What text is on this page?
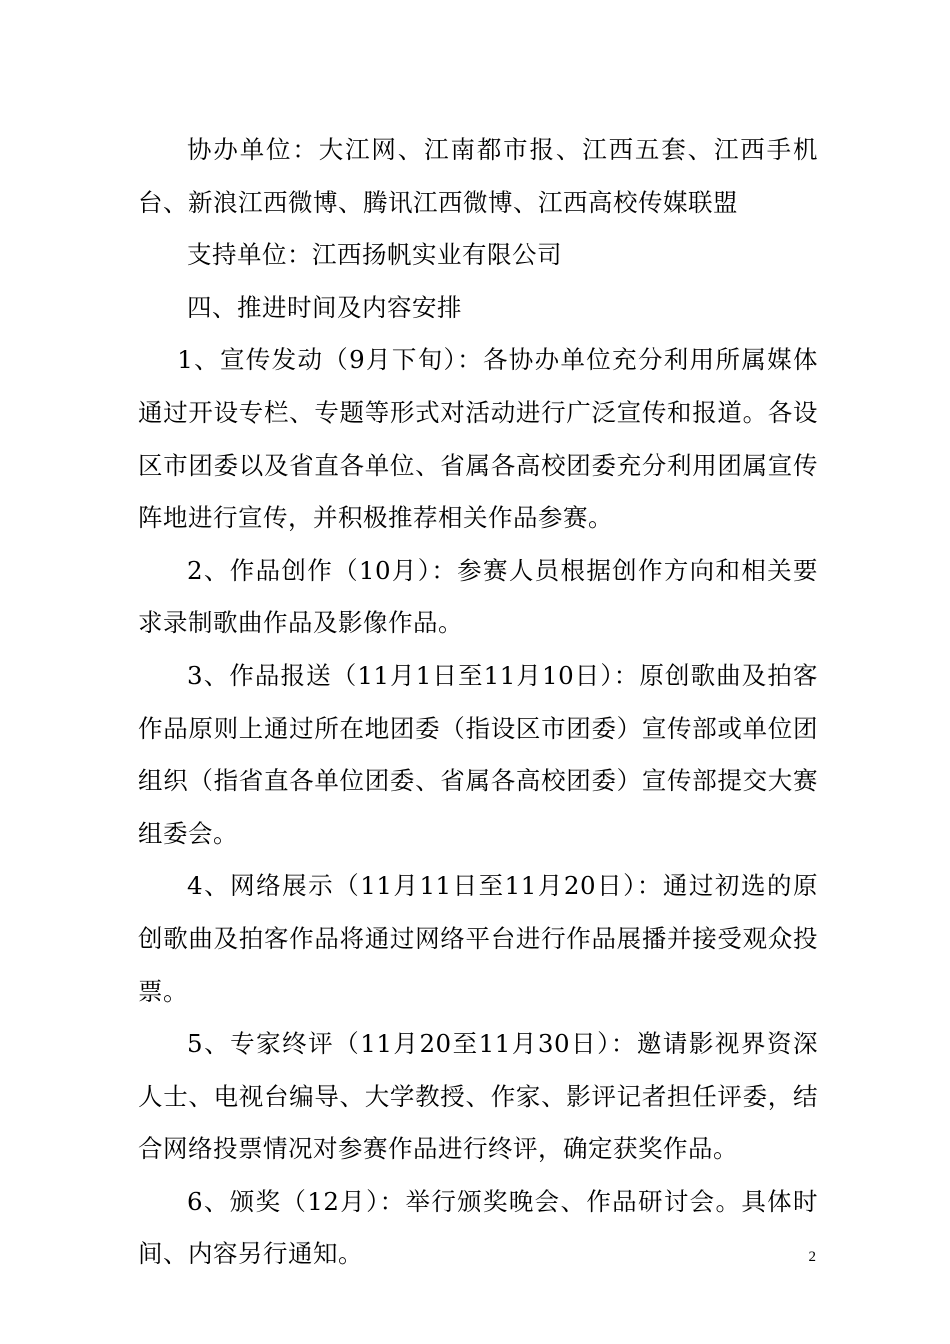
协办单位：大江网、江南都市报、江西五套、江西手机台、新浪江西微博、腾讯江西微博、江西高校传媒联盟

支持单位：江西扬帆实业有限公司

四、推进时间及内容安排

1、宣传发动（9月下旬）：各协办单位充分利用所属媒体通过开设专栏、专题等形式对活动进行广泛宣传和报道。各设区市团委以及省直各单位、省属各高校团委充分利用团属宣传阵地进行宣传，并积极推荐相关作品参赛。

2、作品创作（10月）：参赛人员根据创作方向和相关要求录制歌曲作品及影像作品。

3、作品报送（11月1日至11月10日）：原创歌曲及拍客作品原则上通过所在地团委（指设区市团委）宣传部或单位团组织（指省直各单位团委、省属各高校团委）宣传部提交大赛组委会。

4、网络展示（11月11日至11月20日）：通过初选的原创歌曲及拍客作品将通过网络平台进行作品展播并接受观众投票。

5、专家终评（11月20至11月30日）：邀请影视界资深人士、电视台编导、大学教授、作家、影评记者担任评委，结合网络投票情况对参赛作品进行终评，确定获奖作品。

6、颁奖（12月）：举行颁奖晚会、作品研讨会。具体时间、内容另行通知。	2
